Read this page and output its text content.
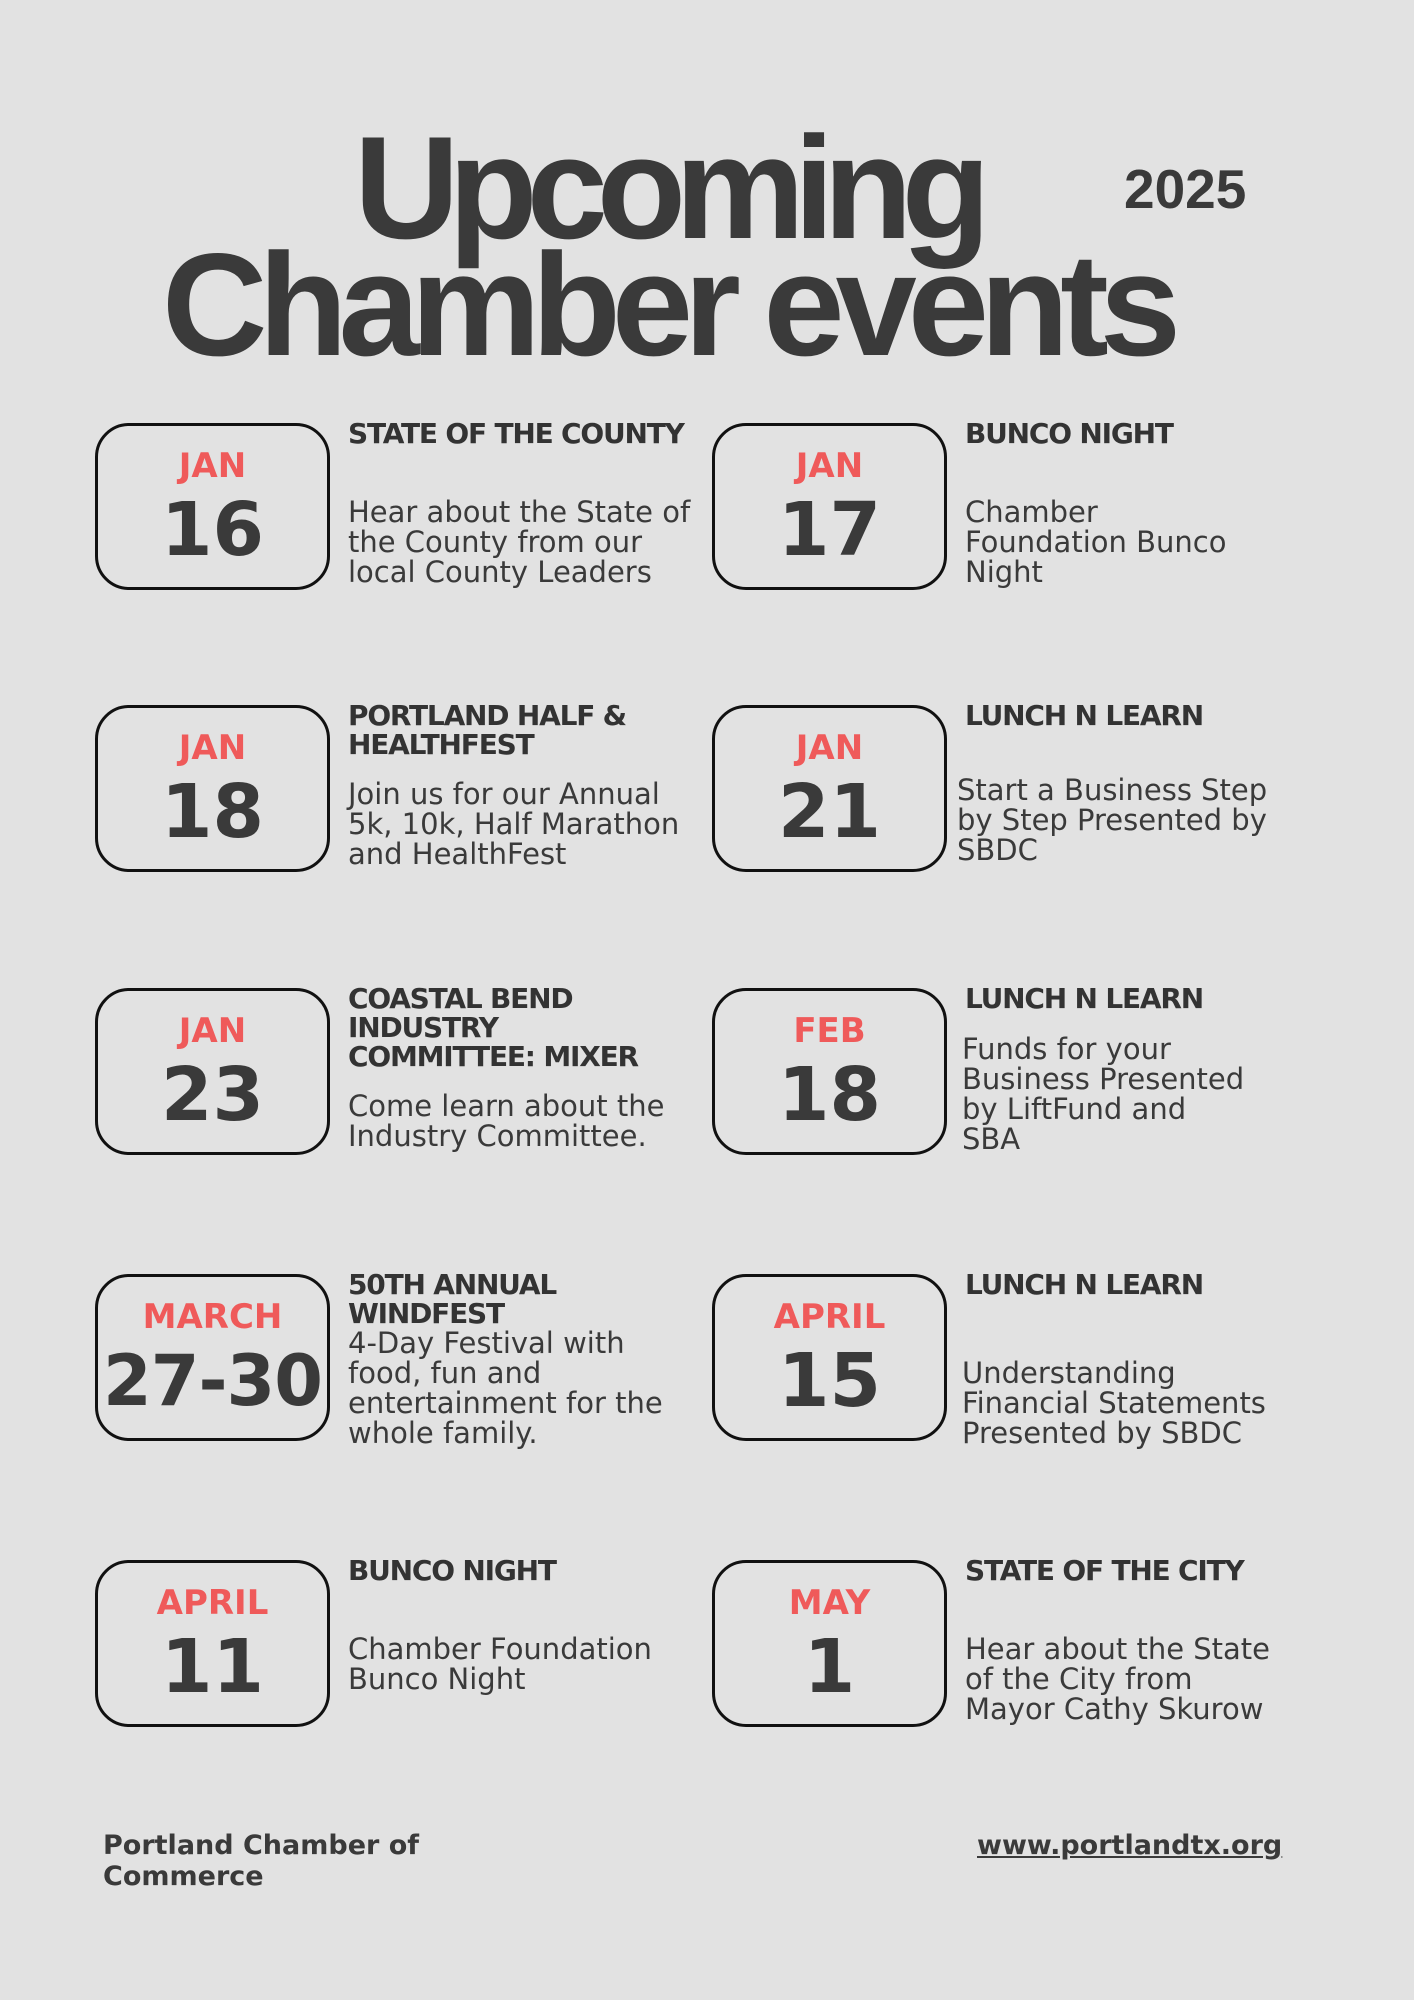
Upcoming
Chamber events
2025
JAN
16
STATE OF THE COUNTY
Hear about the State of the County from our local County Leaders
JAN
17
BUNCO NIGHT
Chamber Foundation Bunco Night
JAN
18
PORTLAND HALF & HEALTHFEST
Join us for our Annual 5k, 10k, Half Marathon and HealthFest
JAN
21
LUNCH N LEARN
Start a Business Step by Step Presented by SBDC
JAN
23
COASTAL BEND INDUSTRY COMMITTEE: MIXER
Come learn about the Industry Committee.
FEB
18
LUNCH N LEARN
Funds for your Business Presented by LiftFund and SBA
MARCH
27-30
50TH ANNUAL WINDFEST
4-Day Festival with food, fun and entertainment for the whole family.
APRIL
15
LUNCH N LEARN
Understanding Financial Statements Presented by SBDC
APRIL
11
BUNCO NIGHT
Chamber Foundation Bunco Night
MAY
1
STATE OF THE CITY
Hear about the State of the City from Mayor Cathy Skurow
Portland Chamber of Commerce
www.portlandtx.org
